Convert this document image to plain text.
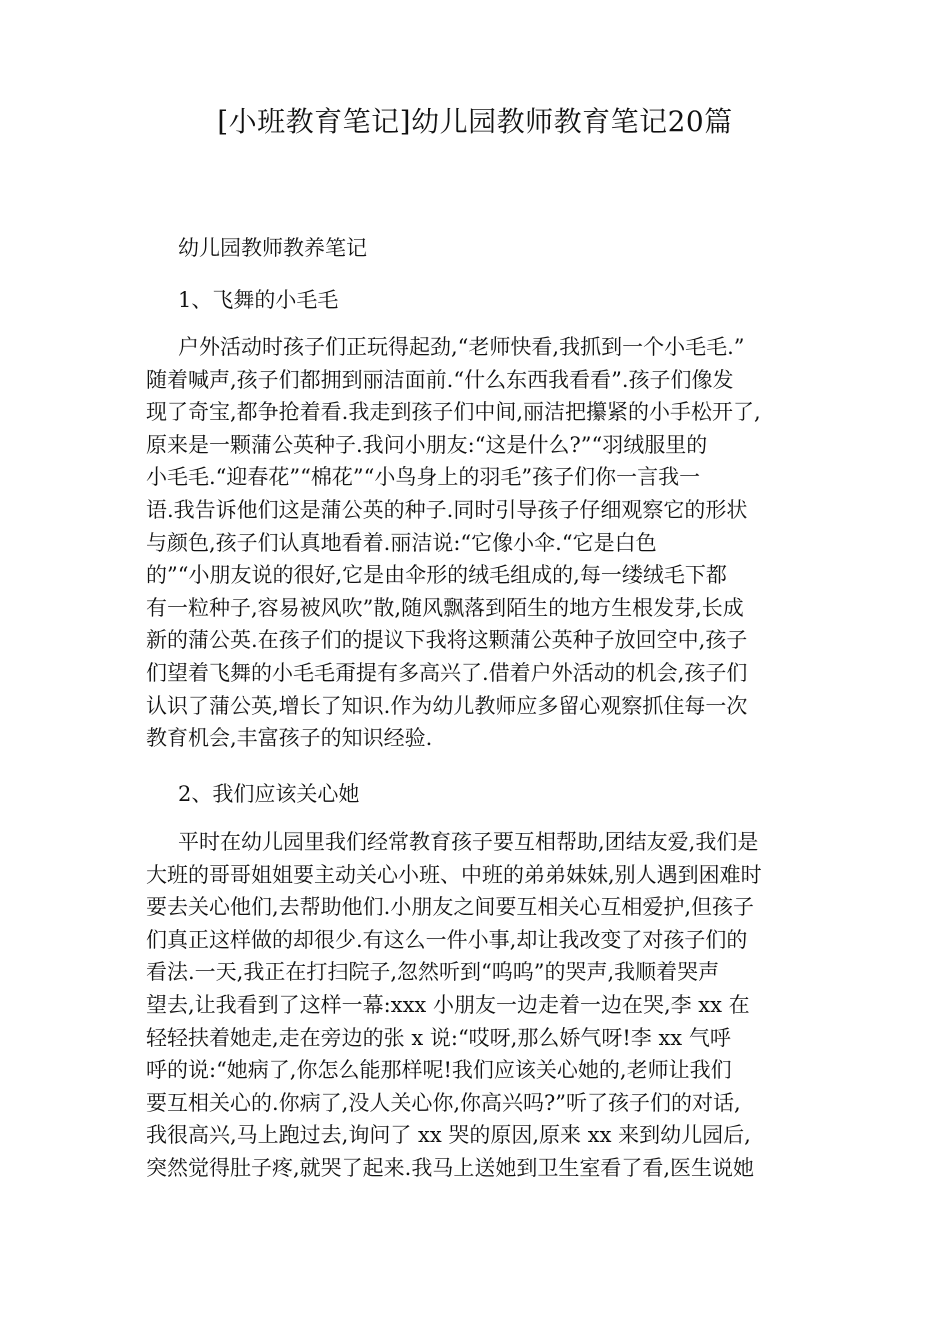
[小班教育笔记]幼儿园教师教育笔记20篇

幼儿园教师教养笔记

1、飞舞的小毛毛

户外活动时孩子们正玩得起劲,“老师快看,我抓到一个小毛毛.”
随着喊声,孩子们都拥到丽洁面前.“什么东西我看看”.孩子们像发
现了奇宝,都争抢着看.我走到孩子们中间,丽洁把攥紧的小手松开了,
原来是一颗蒲公英种子.我问小朋友:“这是什么?”“羽绒服里的
小毛毛.“迎春花”“棉花”“小鸟身上的羽毛”孩子们你一言我一
语.我告诉他们这是蒲公英的种子.同时引导孩子仔细观察它的形状
与颜色,孩子们认真地看着.丽洁说:“它像小伞.“它是白色
的”“小朋友说的很好,它是由伞形的绒毛组成的,每一缕绒毛下都
有一粒种子,容易被风吹”散,随风飘落到陌生的地方生根发芽,长成
新的蒲公英.在孩子们的提议下我将这颗蒲公英种子放回空中,孩子
们望着飞舞的小毛毛甭提有多高兴了.借着户外活动的机会,孩子们
认识了蒲公英,增长了知识.作为幼儿教师应多留心观察抓住每一次
教育机会,丰富孩子的知识经验.

2、我们应该关心她

平时在幼儿园里我们经常教育孩子要互相帮助,团结友爱,我们是
大班的哥哥姐姐要主动关心小班、中班的弟弟妹妹,别人遇到困难时
要去关心他们,去帮助他们.小朋友之间要互相关心互相爱护,但孩子
们真正这样做的却很少.有这么一件小事,却让我改变了对孩子们的
看法.一天,我正在打扫院子,忽然听到“呜呜”的哭声,我顺着哭声
望去,让我看到了这样一幕:xxx 小朋友一边走着一边在哭,李 xx 在
轻轻扶着她走,走在旁边的张 x 说:“哎呀,那么娇气呀!李 xx 气呼
呼的说:“她病了,你怎么能那样呢!我们应该关心她的,老师让我们
要互相关心的.你病了,没人关心你,你高兴吗?”听了孩子们的对话,
我很高兴,马上跑过去,询问了 xx 哭的原因,原来 xx 来到幼儿园后,
突然觉得肚子疼,就哭了起来.我马上送她到卫生室看了看,医生说她
